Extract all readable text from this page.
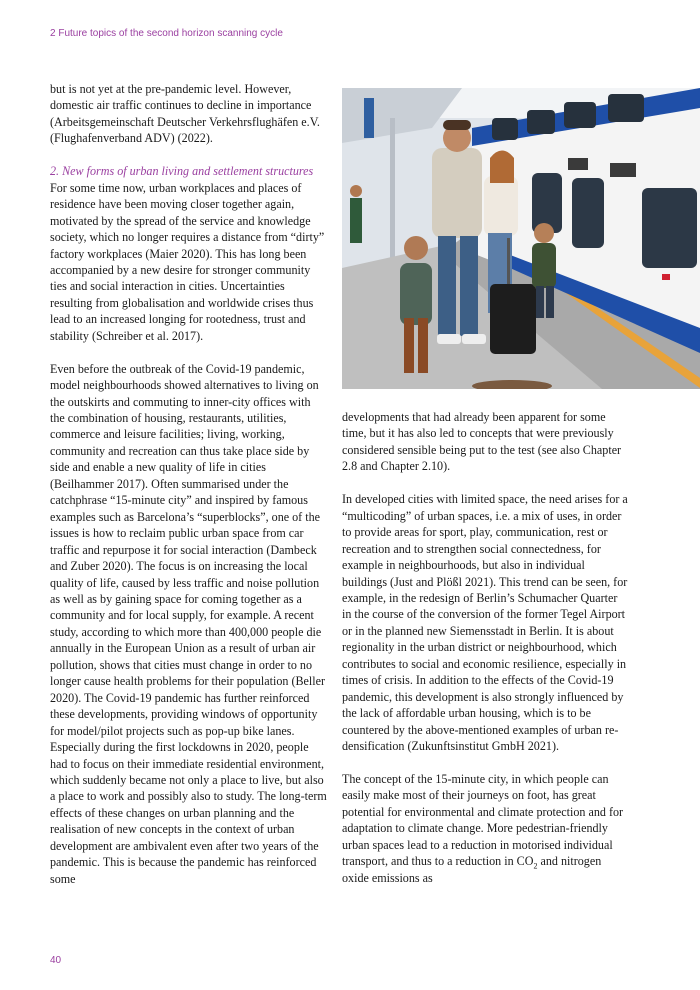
2 Future topics of the second horizon scanning cycle

but is not yet at the pre-pandemic level. However, domestic air traffic continues to decline in importance (Arbeitsgemeinschaft Deutscher Verkehrsflughäfen e.V. (Flughafenverband ADV) (2022).

2. New forms of urban living and settlement structures

For some time now, urban workplaces and places of residence have been moving closer together again, motivated by the spread of the service and knowledge society, which no longer requires a distance from “dirty” factory workplaces (Maier 2020). This has long been accompanied by a new desire for stronger community ties and social interaction in cities. Uncertainties resulting from globalisation and worldwide crises thus lead to an increased longing for rootedness, trust and stability (Schreiber et al. 2017).

Even before the outbreak of the Covid-19 pandemic, model neighbourhoods showed alternatives to living on the outskirts and commuting to inner-city offices with the combination of housing, restaurants, utilities, commerce and leisure facilities; living, working, community and recreation can thus take place side by side and enable a new quality of life in cities (Beilhammer 2017). Often summarised under the catchphrase “15-minute city” and inspired by famous examples such as Barcelona’s “superblocks”, one of the issues is how to reclaim public urban space from car traffic and repurpose it for social interaction (Dambeck and Zuber 2020). The focus is on increasing the local quality of life, caused by less traffic and noise pollution as well as by gaining space for coming together as a community and for local supply, for example. A recent study, according to which more than 400,000 people die annually in the European Union as a result of urban air pollution, shows that cities must change in order to no longer cause health problems for their population (Beller 2020). The Covid-19 pandemic has further reinforced these developments, providing windows of opportunity for model/pilot projects such as pop-up bike lanes. Especially during the first lockdowns in 2020, people had to focus on their immediate residential environment, which suddenly became not only a place to live, but also a place to work and possibly also to study. The long-term effects of these changes on urban planning and the realisation of new concepts in the context of urban development are ambivalent even after two years of the pandemic. This is because the pandemic has reinforced some

developments that had already been apparent for some time, but it has also led to concepts that were previously considered sensible being put to the test (see also Chapter 2.8 and Chapter 2.10).

In developed cities with limited space, the need arises for a “multicoding” of urban spaces, i.e. a mix of uses, in order to provide areas for sport, play, communication, rest or recreation and to strengthen social connectedness, for example in neighbourhoods, but also in individual buildings (Just and Plößl 2021). This trend can be seen, for example, in the redesign of Berlin’s Schumacher Quarter in the course of the conversion of the former Tegel Airport or in the planned new Siemensstadt in Berlin. It is about regionality in the urban district or neighbourhood, which contributes to social and economic resilience, especially in times of crisis. In addition to the effects of the Covid-19 pandemic, this development is also strongly influenced by the lack of affordable urban housing, which is to be countered by the above-mentioned examples of urban re-densification (Zukunftsinstitut GmbH 2021).

The concept of the 15-minute city, in which people can easily make most of their journeys on foot, has great potential for environmental and climate protection and for adaptation to climate change. More pedestrian-friendly urban spaces lead to a reduction in motorised individual transport, and thus to a reduction in $CO_2$ and nitrogen oxide emissions as

40
